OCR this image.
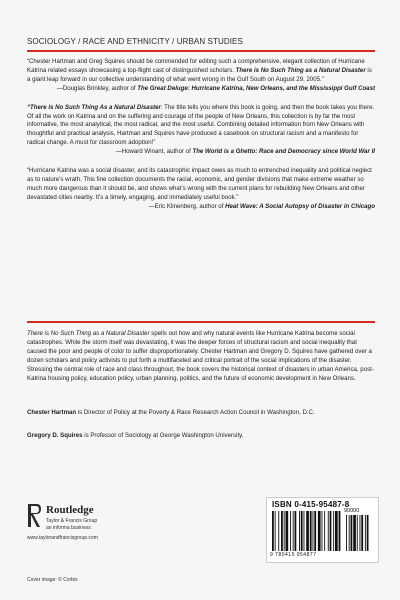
SOCIOLOGY / RACE AND ETHNICITY / URBAN STUDIES

“Chester Hartman and Greg Squires should be commended for editing such a comprehensive, elegant collection of Hurricane Katrina related essays showcasing a top-flight cast of distinguished scholars. There is No Such Thing as a Natural Disaster is a giant leap forward in our collective understanding of what went wrong in the Gulf South on August 29, 2005.”

—Douglas Brinkley, author of The Great Deluge: Hurricane Katrina, New Orleans, and the Mississippi Gulf Coast

“There is No Such Thing As a Natural Disaster: The title tells you where this book is going, and then the book takes you there. Of all the work on Katrina and on the suffering and courage of the people of New Orleans, this collection is by far the most informative, the most analytical, the most radical, and the most useful. Combining detailed information from New Orleans with thoughtful and practical analysis, Hartman and Squires have produced a casebook on structural racism and a manifesto for radical change. A must for classroom adoption!”

—Howard Winant, author of The World is a Ghetto: Race and Democracy since World War II

“Hurricane Katrina was a social disaster, and its catastrophic impact owes as much to entrenched inequality and political neglect as to nature’s wrath. This fine collection documents the racial, economic, and gender divisions that make extreme weather so much more dangerous than it should be, and shows what’s wrong with the current plans for rebuilding New Orleans and other devastated cities nearby. It’s a timely, engaging, and immediately useful book.”

—Eric Klinenberg, author of Heat Wave: A Social Autopsy of Disaster in Chicago

There is No Such Thing as a Natural Disaster spells out how and why natural events like Hurricane Katrina become social catastrophes. While the storm itself was devastating, it was the deeper forces of structural racism and social inequality that caused the poor and people of color to suffer disproportionately. Chester Hartman and Gregory D. Squires have gathered over a dozen scholars and policy activists to put forth a multifaceted and critical portrait of the social implications of the disaster. Stressing the central role of race and class throughout, the book covers the historical context of disasters in urban America, post-Katrina housing policy, education policy, urban planning, politics, and the future of economic development in New Orleans.

Chester Hartman is Director of Policy at the Poverty & Race Research Action Council in Washington, D.C.

Gregory D. Squires is Professor of Sociology at George Washington University.

Routledge
Taylor & Francis Group
an informa business
www.taylorandfrancisgroup.com
Cover image: © Corbis
ISBN 0-415-95487-8
90000
9 780415 954877
